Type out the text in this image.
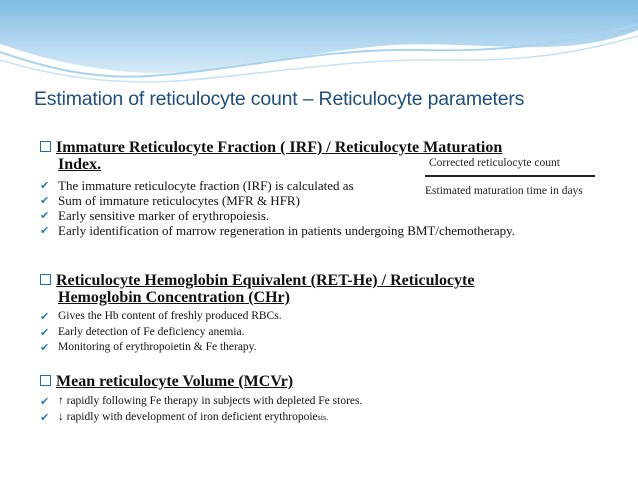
Estimation of reticulocyte count – Reticulocyte parameters
Immature Reticulocyte Fraction ( IRF) / Reticulocyte Maturation
Index.
✔ The immature reticulocyte fraction (IRF) is calculated as
✔ Sum of immature reticulocytes (MFR & HFR)
✔ Early sensitive marker of erythropoiesis.
✔ Early identification of marrow regeneration in patients undergoing BMT/chemotherapy.
Corrected reticulocyte count
Estimated maturation time in days
Reticulocyte Hemoglobin Equivalent (RET-He) / Reticulocyte
Hemoglobin Concentration (CHr)
✔ Gives the Hb content of freshly produced RBCs.
✔ Early detection of Fe deficiency anemia.
✔ Monitoring of erythropoietin & Fe therapy.
Mean reticulocyte Volume (MCVr)
✔ ↑ rapidly following Fe therapy in subjects with depleted Fe stores.
✔ ↓ rapidly with development of iron deficient erythropoiesis.
